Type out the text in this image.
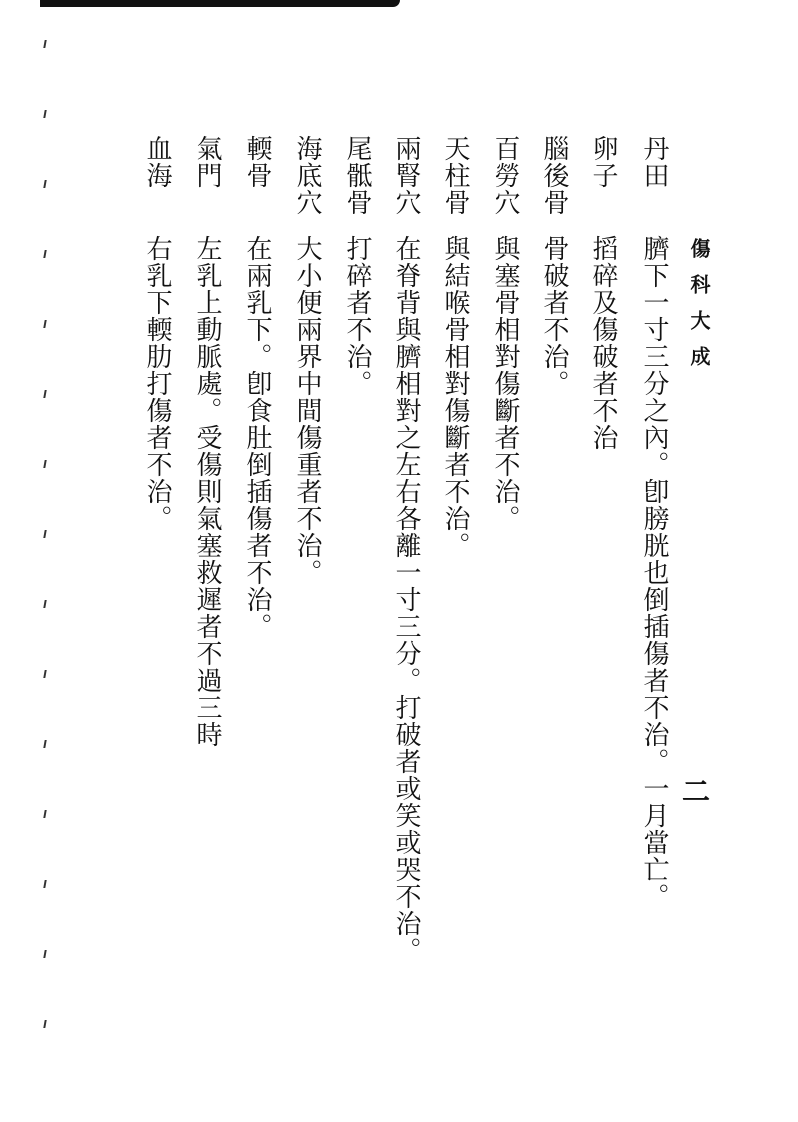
傷科大成
二
丹田臍下一寸三分之內。卽膀胱也倒插傷者不治。一月當亡。
卵子搯碎及傷破者不治
腦後骨骨破者不治。
百勞穴與塞骨相對傷斷者不治。
天柱骨與結喉骨相對傷斷者不治。
兩腎穴在脊背與臍相對之左右各離一寸三分。打破者或笑或哭不治。
尾骶骨打碎者不治。
海底穴大小便兩界中間傷重者不治。
輭骨在兩乳下。卽食肚倒插傷者不治。
氣門左乳上動脈處。受傷則氣塞救遲者不過三時
血海右乳下輭肋打傷者不治。
